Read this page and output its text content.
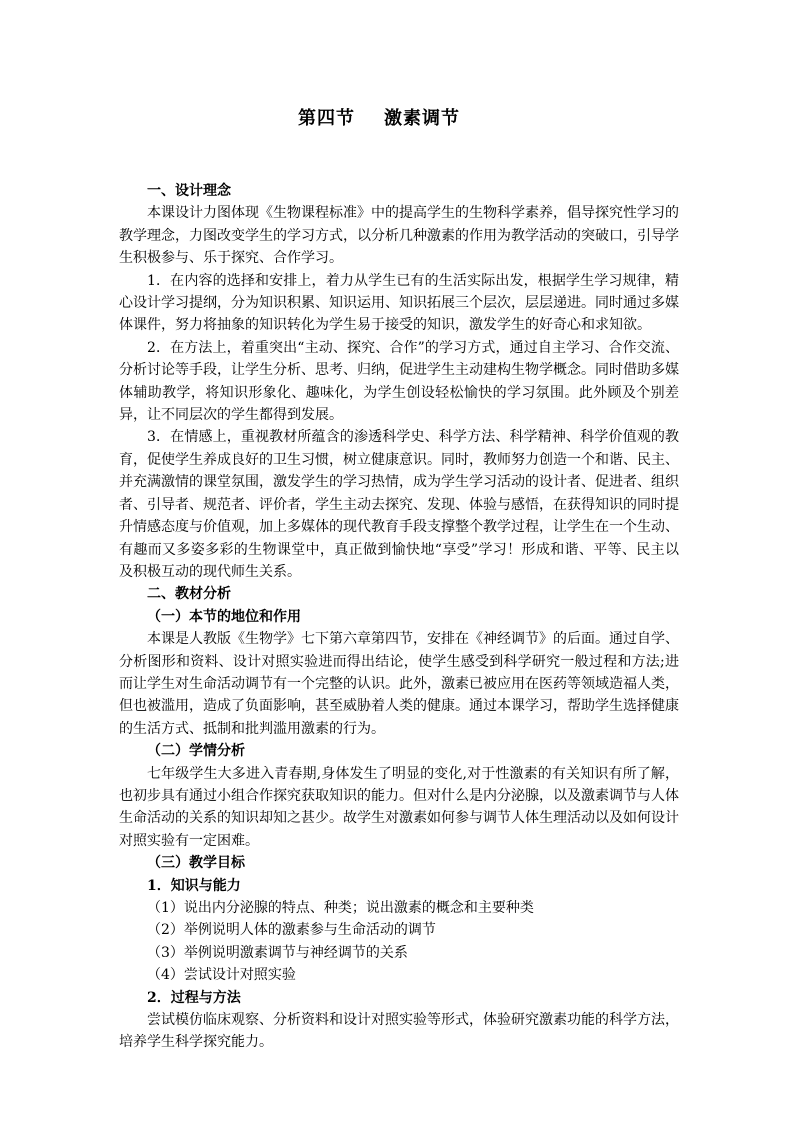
第四节    激素调节

一、设计理念

本课设计力图体现《生物课程标准》中的提高学生的生物科学素养，倡导探究性学习的教学理念，力图改变学生的学习方式，以分析几种激素的作用为教学活动的突破口，引导学生积极参与、乐于探究、合作学习。

1．在内容的选择和安排上，着力从学生已有的生活实际出发，根据学生学习规律，精心设计学习提纲，分为知识积累、知识运用、知识拓展三个层次，层层递进。同时通过多媒体课件，努力将抽象的知识转化为学生易于接受的知识，激发学生的好奇心和求知欲。

2．在方法上，着重突出“主动、探究、合作”的学习方式，通过自主学习、合作交流、分析讨论等手段，让学生分析、思考、归纳，促进学生主动建构生物学概念。同时借助多媒体辅助教学，将知识形象化、趣味化，为学生创设轻松愉快的学习氛围。此外顾及个别差异，让不同层次的学生都得到发展。

3．在情感上，重视教材所蕴含的渗透科学史、科学方法、科学精神、科学价值观的教育，促使学生养成良好的卫生习惯，树立健康意识。同时，教师努力创造一个和谐、民主、并充满激情的课堂氛围，激发学生的学习热情，成为学生学习活动的设计者、促进者、组织者、引导者、规范者、评价者，学生主动去探究、发现、体验与感悟，在获得知识的同时提升情感态度与价值观，加上多媒体的现代教育手段支撑整个教学过程，让学生在一个生动、有趣而又多姿多彩的生物课堂中，真正做到愉快地“享受”学习！形成和谐、平等、民主以及积极互动的现代师生关系。

二、教材分析

（一）本节的地位和作用

本课是人教版《生物学》七下第六章第四节，安排在《神经调节》的后面。通过自学、分析图形和资料、设计对照实验进而得出结论，使学生感受到科学研究一般过程和方法;进而让学生对生命活动调节有一个完整的认识。此外，激素已被应用在医药等领域造福人类，但也被滥用，造成了负面影响，甚至威胁着人类的健康。通过本课学习，帮助学生选择健康的生活方式、抵制和批判滥用激素的行为。

（二）学情分析

七年级学生大多进入青春期,身体发生了明显的变化,对于性激素的有关知识有所了解，也初步具有通过小组合作探究获取知识的能力。但对什么是内分泌腺，以及激素调节与人体生命活动的关系的知识却知之甚少。故学生对激素如何参与调节人体生理活动以及如何设计对照实验有一定困难。

（三）教学目标

1．知识与能力

（1）说出内分泌腺的特点、种类；说出激素的概念和主要种类

（2）举例说明人体的激素参与生命活动的调节

（3）举例说明激素调节与神经调节的关系

（4）尝试设计对照实验

2．过程与方法

尝试模仿临床观察、分析资料和设计对照实验等形式，体验研究激素功能的科学方法，培养学生科学探究能力。
